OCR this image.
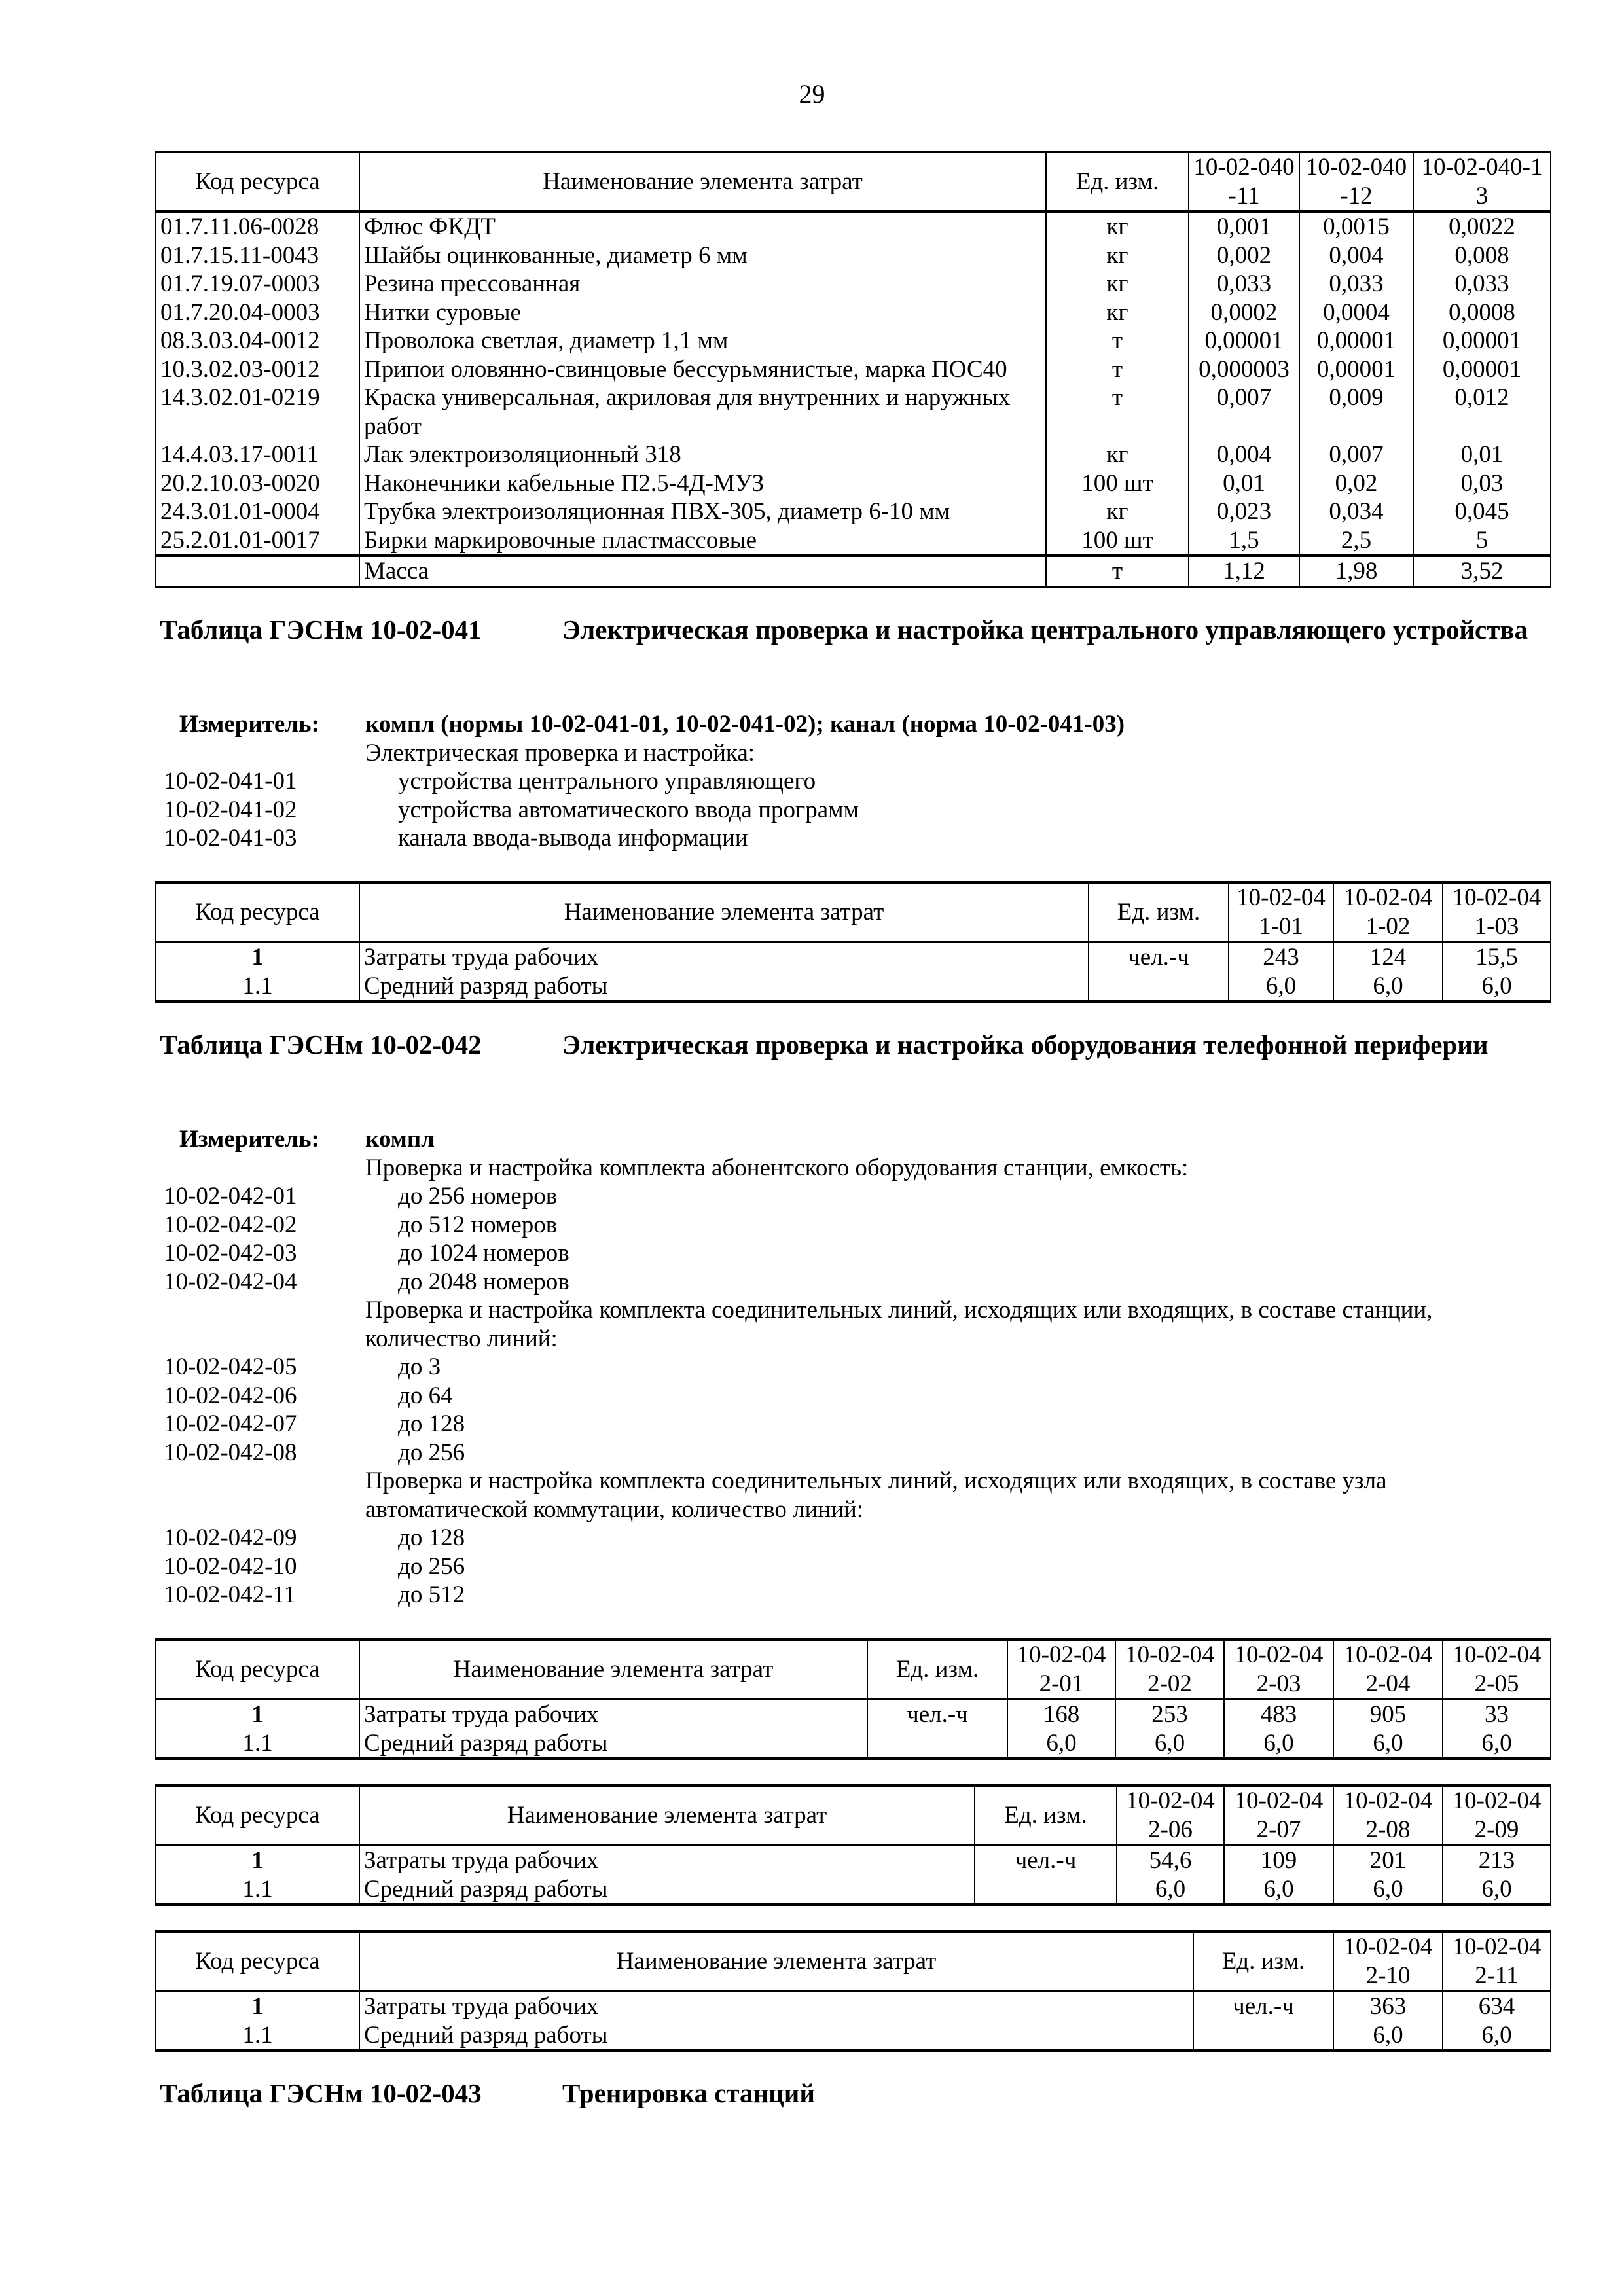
29
Код ресурса	Наименование элемента затрат	Ед. изм.	10-02-040-11	10-02-040-12	10-02-040-13
01.7.11.06-0028	Флюс ФКДТ	кг	0,001	0,0015	0,0022
01.7.15.11-0043	Шайбы оцинкованные, диаметр 6 мм	кг	0,002	0,004	0,008
01.7.19.07-0003	Резина прессованная	кг	0,033	0,033	0,033
01.7.20.04-0003	Нитки суровые	кг	0,0002	0,0004	0,0008
08.3.03.04-0012	Проволока светлая, диаметр 1,1 мм	т	0,00001	0,00001	0,00001
10.3.02.03-0012	Припои оловянно-свинцовые бессурьмянистые, марка ПОС40	т	0,000003	0,00001	0,00001
14.3.02.01-0219	Краска универсальная, акриловая для внутренних и наружных работ	т	0,007	0,009	0,012
14.4.03.17-0011	Лак электроизоляционный 318	кг	0,004	0,007	0,01
20.2.10.03-0020	Наконечники кабельные П2.5-4Д-МУЗ	100 шт	0,01	0,02	0,03
24.3.01.01-0004	Трубка электроизоляционная ПВХ-305, диаметр 6-10 мм	кг	0,023	0,034	0,045
25.2.01.01-0017	Бирки маркировочные пластмассовые	100 шт	1,5	2,5	5
	Масса	т	1,12	1,98	3,52
Таблица ГЭСНм 10-02-041	Электрическая проверка и настройка центрального управляющего устройства
Измеритель: компл (нормы 10-02-041-01, 10-02-041-02); канал (норма 10-02-041-03)
Электрическая проверка и настройка:
10-02-041-01	устройства центрального управляющего
10-02-041-02	устройства автоматического ввода программ
10-02-041-03	канала ввода-вывода информации
Код ресурса	Наименование элемента затрат	Ед. изм.	10-02-041-01	10-02-041-02	10-02-041-03
1	Затраты труда рабочих	чел.-ч	243	124	15,5
1.1	Средний разряд работы		6,0	6,0	6,0
Таблица ГЭСНм 10-02-042	Электрическая проверка и настройка оборудования телефонной периферии
Измеритель: компл
Проверка и настройка комплекта абонентского оборудования станции, емкость:
10-02-042-01	до 256 номеров
10-02-042-02	до 512 номеров
10-02-042-03	до 1024 номеров
10-02-042-04	до 2048 номеров
Проверка и настройка комплекта соединительных линий, исходящих или входящих, в составе станции, количество линий:
10-02-042-05	до 3
10-02-042-06	до 64
10-02-042-07	до 128
10-02-042-08	до 256
Проверка и настройка комплекта соединительных линий, исходящих или входящих, в составе узла автоматической коммутации, количество линий:
10-02-042-09	до 128
10-02-042-10	до 256
10-02-042-11	до 512
Код ресурса	Наименование элемента затрат	Ед. изм.	10-02-042-01	10-02-042-02	10-02-042-03	10-02-042-04	10-02-042-05
1	Затраты труда рабочих	чел.-ч	168	253	483	905	33
1.1	Средний разряд работы		6,0	6,0	6,0	6,0	6,0
Код ресурса	Наименование элемента затрат	Ед. изм.	10-02-042-06	10-02-042-07	10-02-042-08	10-02-042-09
1	Затраты труда рабочих	чел.-ч	54,6	109	201	213
1.1	Средний разряд работы		6,0	6,0	6,0	6,0
Код ресурса	Наименование элемента затрат	Ед. изм.	10-02-042-10	10-02-042-11
1	Затраты труда рабочих	чел.-ч	363	634
1.1	Средний разряд работы		6,0	6,0
Таблица ГЭСНм 10-02-043	Тренировка станций
